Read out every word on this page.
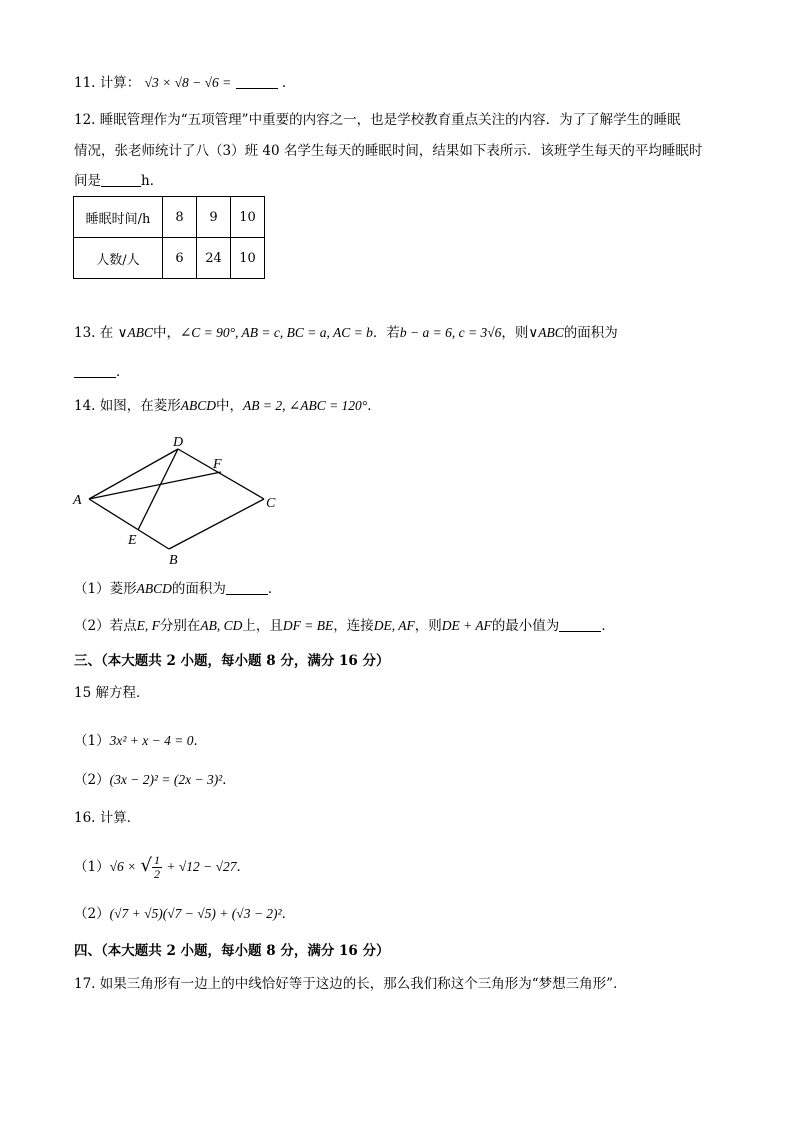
11. 计算： √3 × √8 − √6 =	.
12. 睡眠管理作为“五项管理”中重要的内容之一，也是学校教育重点关注的内容．为了了解学生的睡眠
情况，张老师统计了八（3）班 40 名学生每天的睡眠时间，结果如下表所示．该班学生每天的平均睡眠时
间是	h．
睡眠时间/h	8	9	10
人数/人	6	24	10
13. 在 ∨ABC中，∠C = 90°, AB = c, BC = a, AC = b．若b − a = 6, c = 3√6，则∨ABC的面积为
．
14. 如图，在菱形ABCD中，AB = 2, ∠ABC = 120°．
A
B
C
D
E
F
（1）菱形ABCD的面积为	．
（2）若点E, F分别在AB, CD上，且DF = BE，连接DE, AF，则DE + AF的最小值为	．
三、（本大题共 2 小题，每小题 8 分，满分 16 分）
15 解方程．
（1）3x² + x − 4 = 0．
（2）(3x − 2)² = (2x − 3)²．
16. 计算．
（1）√6 × √ $\frac{1}{2} + √12 - √27$．
（2）(√7 + √5)(√7 − √5) + (√3 − 2)²．
四、（本大题共 2 小题，每小题 8 分，满分 16 分）
17. 如果三角形有一边上的中线恰好等于这边的长，那么我们称这个三角形为“梦想三角形”．
